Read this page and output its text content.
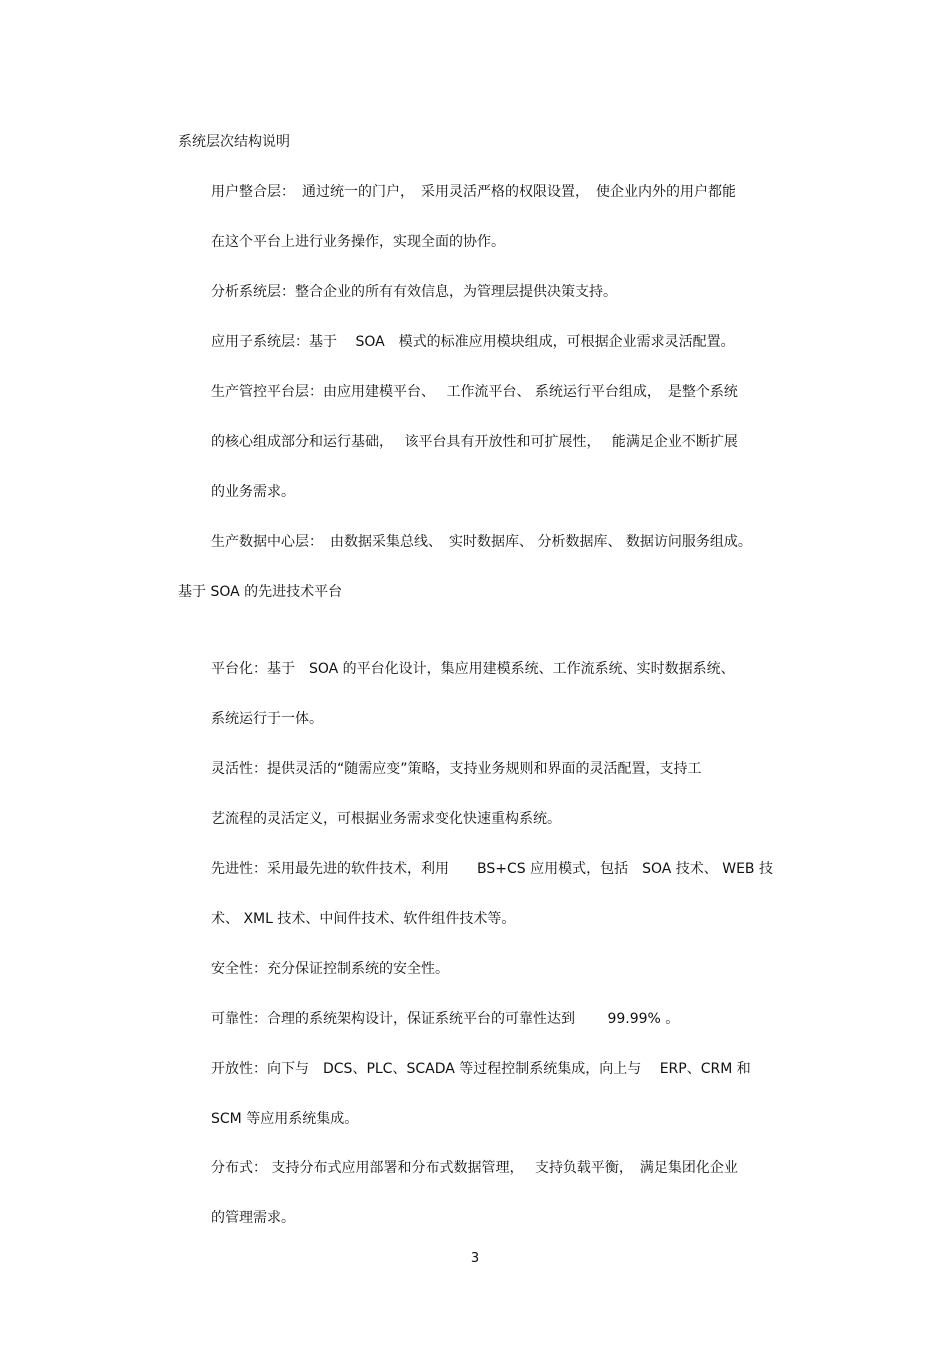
系统层次结构说明
用户整合层：　通过统一的门户，　采用灵活严格的权限设置，　使企业内外的用户都能
在这个平台上进行业务操作，实现全面的协作。
分析系统层：整合企业的所有有效信息，为管理层提供决策支持。
应用子系统层：基于　 SOA　模式的标准应用模块组成，可根据企业需求灵活配置。
生产管控平台层：由应用建模平台、　 工作流平台、 系统运行平台组成，　是整个系统
的核心组成部分和运行基础，　 该平台具有开放性和可扩展性，　 能满足企业不断扩展
的业务需求。
生产数据中心层：　由数据采集总线、　实时数据库、 分析数据库、 数据访问服务组成。
基于 SOA 的先进技术平台
平台化：基于　SOA 的平台化设计，集应用建模系统、工作流系统、实时数据系统、
系统运行于一体。
灵活性：提供灵活的“随需应变”策略，支持业务规则和界面的灵活配置，支持工
艺流程的灵活定义，可根据业务需求变化快速重构系统。
先进性：采用最先进的软件技术，利用　　BS+CS 应用模式，包括　SOA 技术、 WEB 技
术、 XML 技术、中间件技术、软件组件技术等。
安全性：充分保证控制系统的安全性。
可靠性：合理的系统架构设计，保证系统平台的可靠性达到　　 99.99% 。
开放性：向下与　DCS、PLC、SCADA 等过程控制系统集成，向上与　 ERP、CRM 和
SCM 等应用系统集成。
分布式： 支持分布式应用部署和分布式数据管理，　 支持负载平衡，　满足集团化企业
的管理需求。
3
